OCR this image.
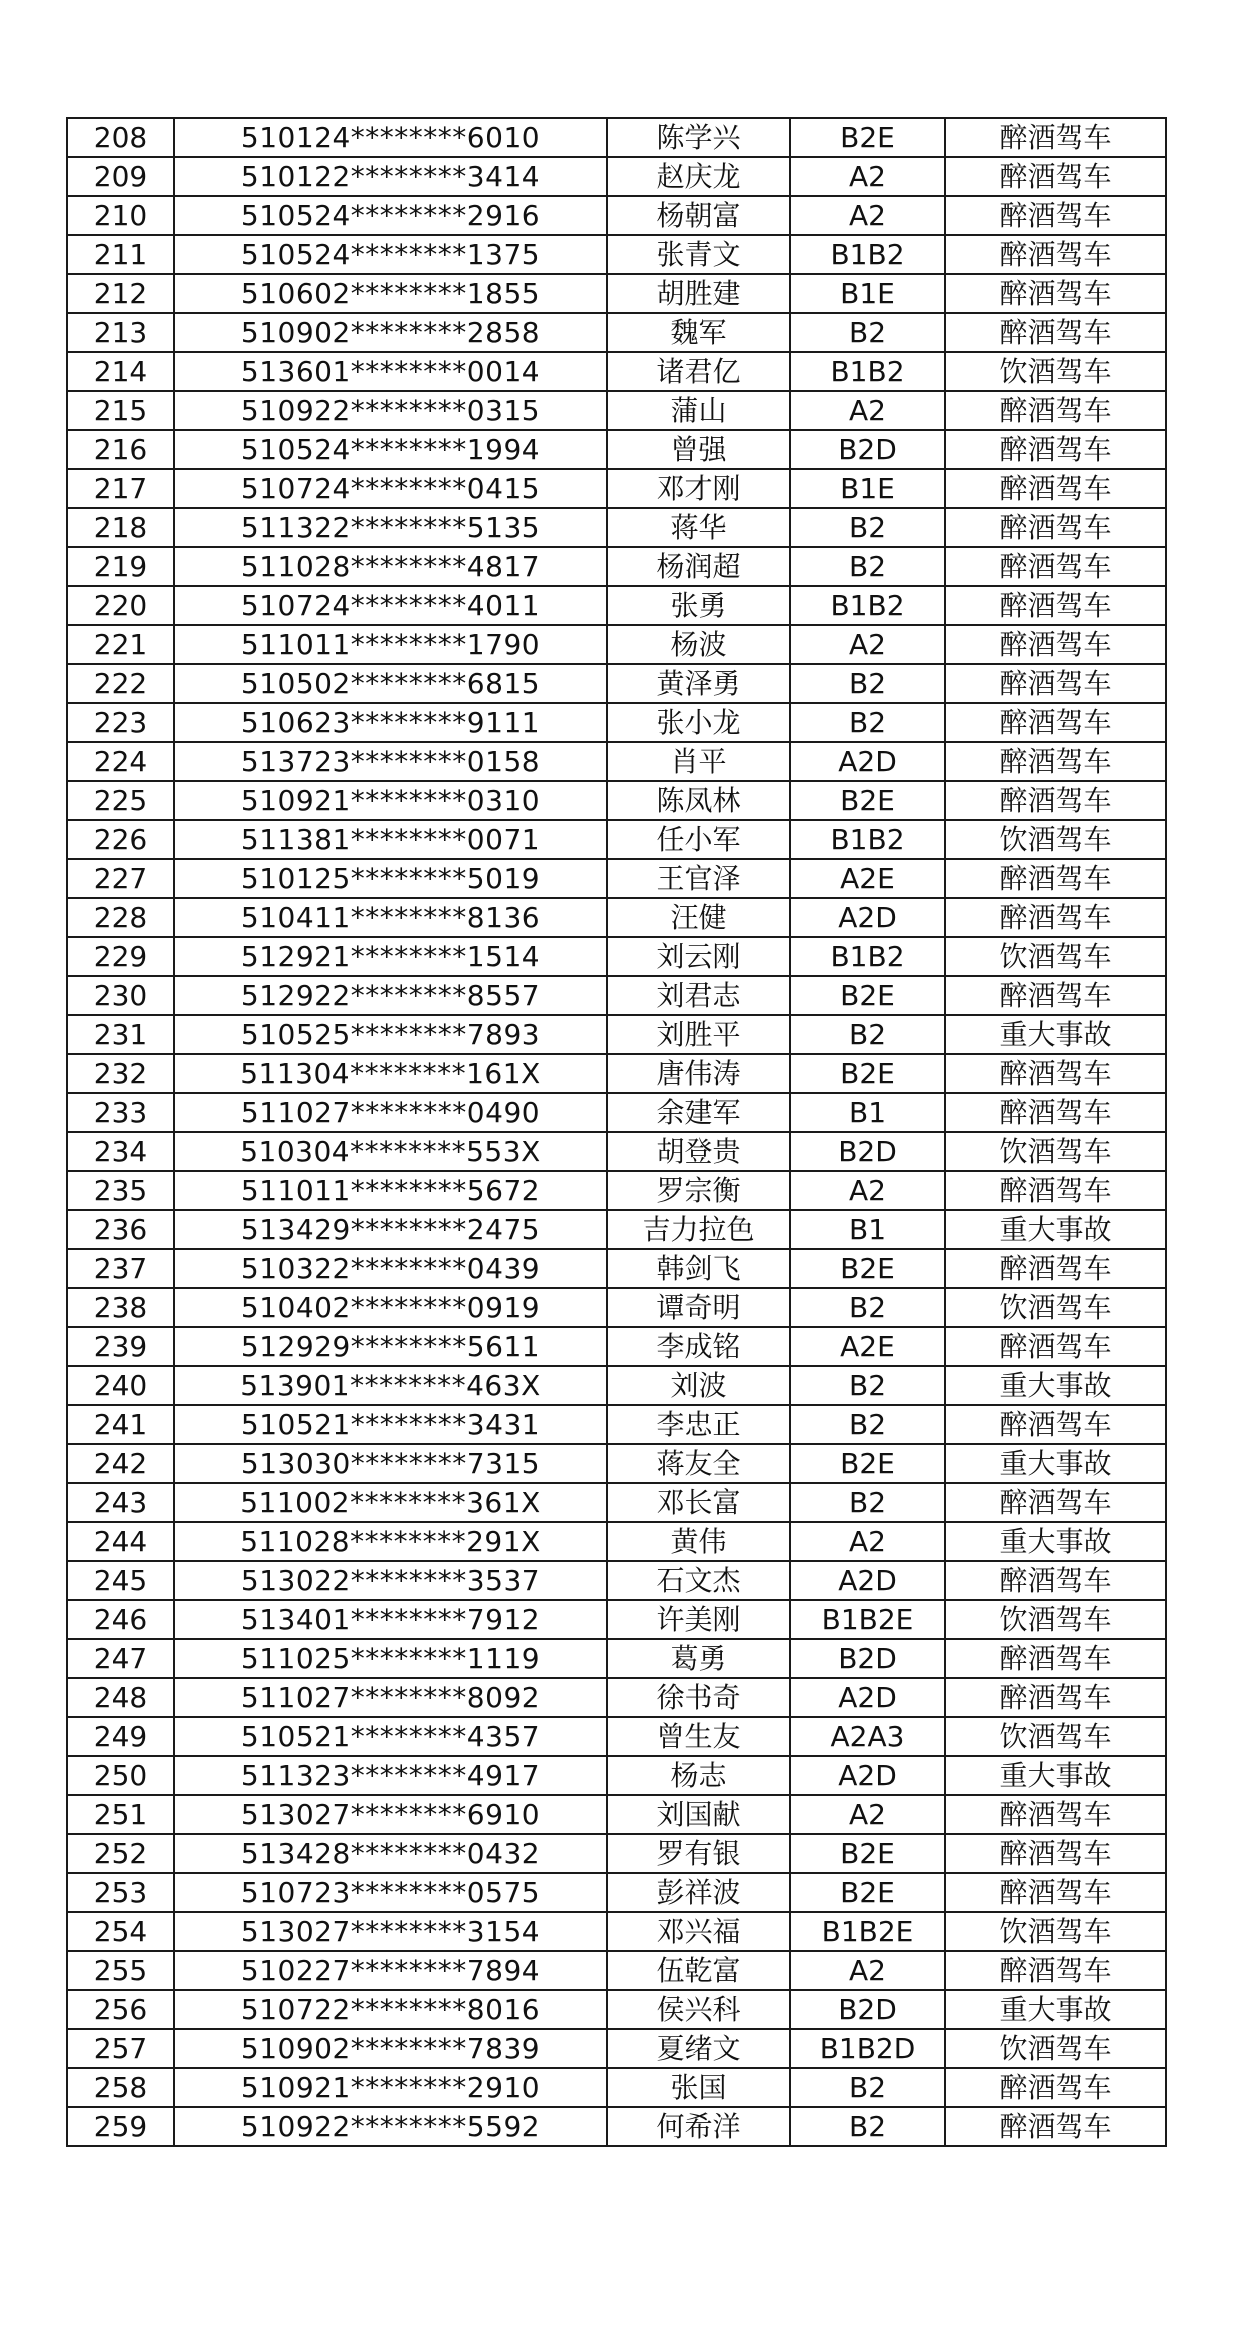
208	510124********6010	陈学兴	B2E	醉酒驾车
209	510122********3414	赵庆龙	A2	醉酒驾车
210	510524********2916	杨朝富	A2	醉酒驾车
211	510524********1375	张青文	B1B2	醉酒驾车
212	510602********1855	胡胜建	B1E	醉酒驾车
213	510902********2858	魏军	B2	醉酒驾车
214	513601********0014	诸君亿	B1B2	饮酒驾车
215	510922********0315	蒲山	A2	醉酒驾车
216	510524********1994	曾强	B2D	醉酒驾车
217	510724********0415	邓才刚	B1E	醉酒驾车
218	511322********5135	蒋华	B2	醉酒驾车
219	511028********4817	杨润超	B2	醉酒驾车
220	510724********4011	张勇	B1B2	醉酒驾车
221	511011********1790	杨波	A2	醉酒驾车
222	510502********6815	黄泽勇	B2	醉酒驾车
223	510623********9111	张小龙	B2	醉酒驾车
224	513723********0158	肖平	A2D	醉酒驾车
225	510921********0310	陈凤林	B2E	醉酒驾车
226	511381********0071	任小军	B1B2	饮酒驾车
227	510125********5019	王官泽	A2E	醉酒驾车
228	510411********8136	汪健	A2D	醉酒驾车
229	512921********1514	刘云刚	B1B2	饮酒驾车
230	512922********8557	刘君志	B2E	醉酒驾车
231	510525********7893	刘胜平	B2	重大事故
232	511304********161X	唐伟涛	B2E	醉酒驾车
233	511027********0490	余建军	B1	醉酒驾车
234	510304********553X	胡登贵	B2D	饮酒驾车
235	511011********5672	罗宗衡	A2	醉酒驾车
236	513429********2475	吉力拉色	B1	重大事故
237	510322********0439	韩剑飞	B2E	醉酒驾车
238	510402********0919	谭奇明	B2	饮酒驾车
239	512929********5611	李成铭	A2E	醉酒驾车
240	513901********463X	刘波	B2	重大事故
241	510521********3431	李忠正	B2	醉酒驾车
242	513030********7315	蒋友全	B2E	重大事故
243	511002********361X	邓长富	B2	醉酒驾车
244	511028********291X	黄伟	A2	重大事故
245	513022********3537	石文杰	A2D	醉酒驾车
246	513401********7912	许美刚	B1B2E	饮酒驾车
247	511025********1119	葛勇	B2D	醉酒驾车
248	511027********8092	徐书奇	A2D	醉酒驾车
249	510521********4357	曾生友	A2A3	饮酒驾车
250	511323********4917	杨志	A2D	重大事故
251	513027********6910	刘国献	A2	醉酒驾车
252	513428********0432	罗有银	B2E	醉酒驾车
253	510723********0575	彭祥波	B2E	醉酒驾车
254	513027********3154	邓兴福	B1B2E	饮酒驾车
255	510227********7894	伍乾富	A2	醉酒驾车
256	510722********8016	侯兴科	B2D	重大事故
257	510902********7839	夏绪文	B1B2D	饮酒驾车
258	510921********2910	张国	B2	醉酒驾车
259	510922********5592	何希洋	B2	醉酒驾车
